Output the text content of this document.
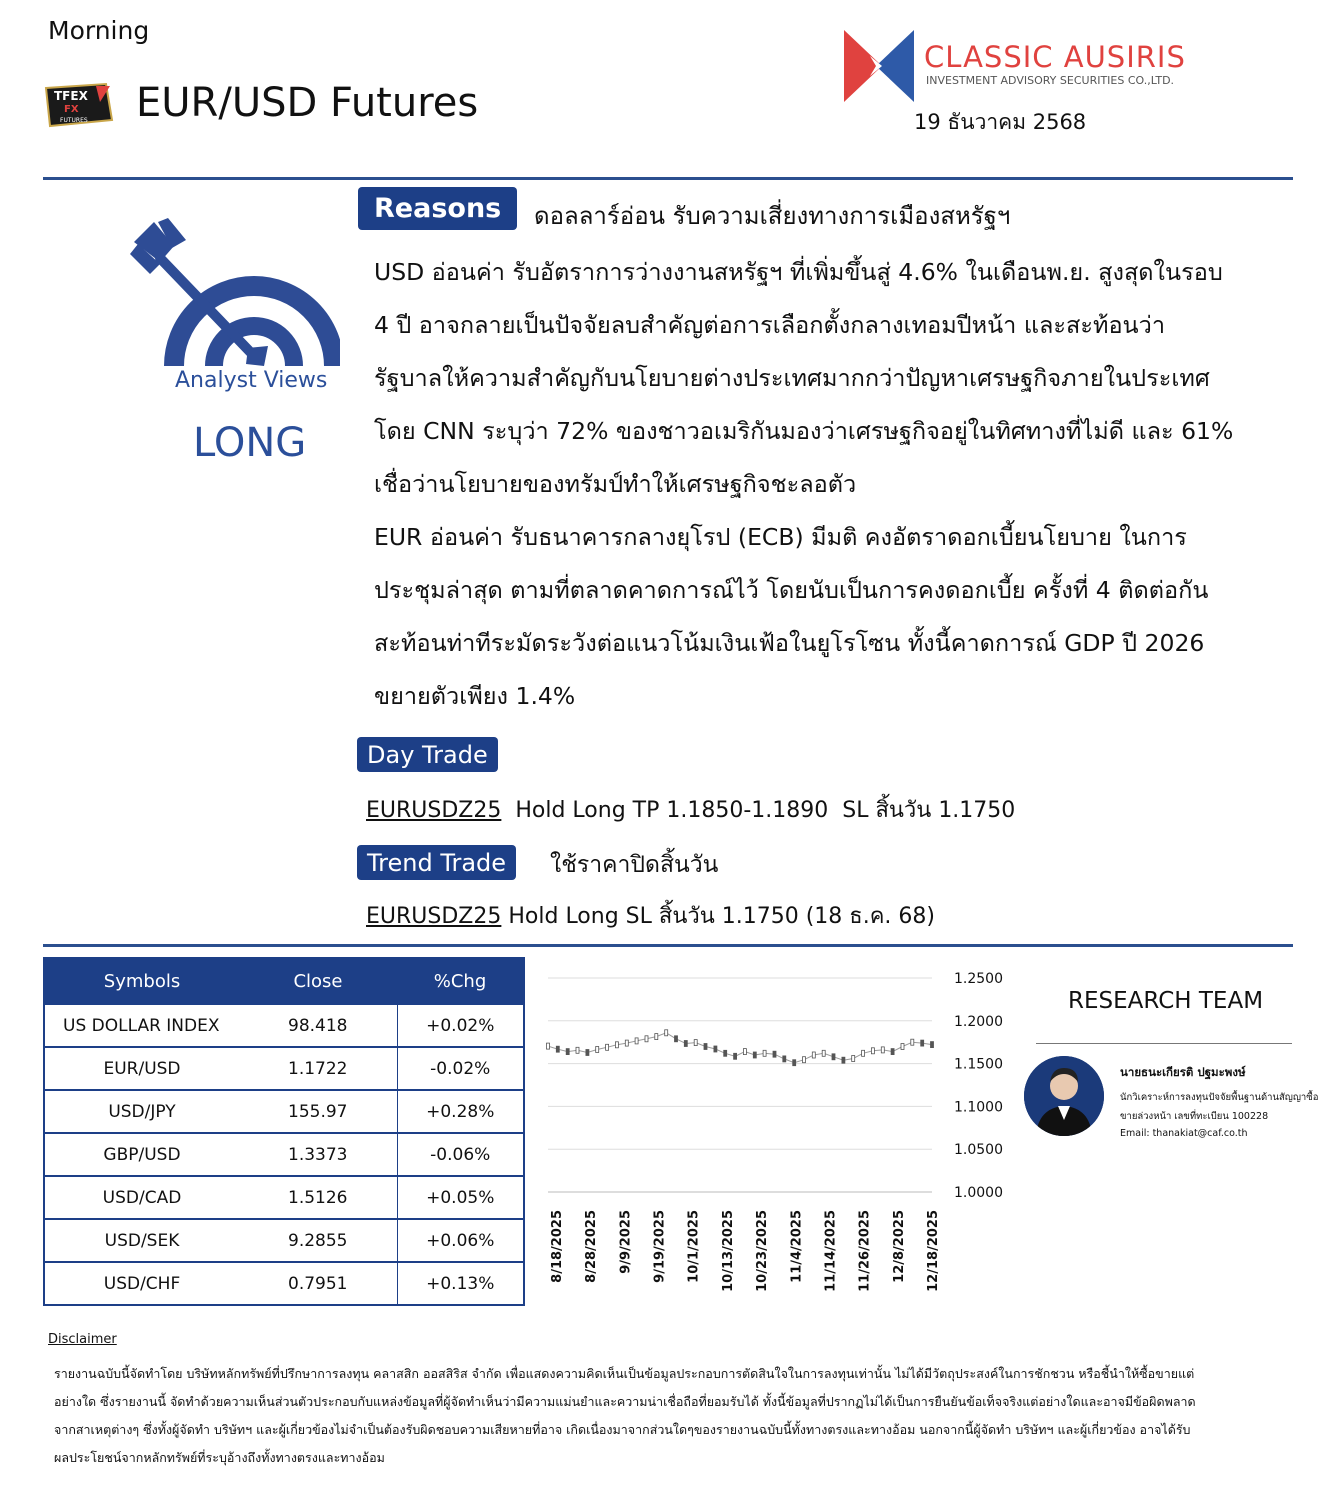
Morning
TFEX
FX
FUTURES EUR/USD Futures
CLASSIC AUSIRIS
INVESTMENT ADVISORY SECURITIES CO.,LTD.
19 ธันวาคม 2568
Analyst Views
LONG
Reasons	ดอลลาร์อ่อน รับความเสี่ยงทางการเมืองสหรัฐฯ
USD อ่อนค่า รับอัตราการว่างงานสหรัฐฯ ที่เพิ่มขึ้นสู่ 4.6% ในเดือนพ.ย. สูงสุดในรอบ
4 ปี อาจกลายเป็นปัจจัยลบสำคัญต่อการเลือกตั้งกลางเทอมปีหน้า และสะท้อนว่า
รัฐบาลให้ความสำคัญกับนโยบายต่างประเทศมากกว่าปัญหาเศรษฐกิจภายในประเทศ
โดย CNN ระบุว่า 72% ของชาวอเมริกันมองว่าเศรษฐกิจอยู่ในทิศทางที่ไม่ดี และ 61%
เชื่อว่านโยบายของทรัมป์ทำให้เศรษฐกิจชะลอตัว
EUR อ่อนค่า รับธนาคารกลางยุโรป (ECB) มีมติ คงอัตราดอกเบี้ยนโยบาย ในการ
ประชุมล่าสุด ตามที่ตลาดคาดการณ์ไว้ โดยนับเป็นการคงดอกเบี้ย ครั้งที่ 4 ติดต่อกัน
สะท้อนท่าทีระมัดระวังต่อแนวโน้มเงินเฟ้อในยูโรโซน ทั้งนี้คาดการณ์ GDP ปี 2026
ขยายตัวเพียง 1.4%
Day Trade
EURUSDZ25  Hold Long TP 1.1850-1.1890  SL สิ้นวัน 1.1750
Trend Trade	ใช้ราคาปิดสิ้นวัน
EURUSDZ25 Hold Long SL สิ้นวัน 1.1750 (18 ธ.ค. 68)
Symbols	Close	%Chg
US DOLLAR INDEX	98.418	+0.02%
EUR/USD	1.1722	-0.02%
USD/JPY	155.97	+0.28%
GBP/USD	1.3373	-0.06%
USD/CAD	1.5126	+0.05%
USD/SEK	9.2855	+0.06%
USD/CHF	0.7951	+0.13%
1.2500
1.2000
1.1500
1.1000
1.0500
1.0000
8/18/2025 8/28/2025 9/9/2025 9/19/2025 10/1/2025 10/13/2025 10/23/2025 11/4/2025 11/14/2025 11/26/2025 12/8/2025 12/18/2025
RESEARCH TEAM
นายธนะเกียรติ ปฐมะพงษ์
นักวิเคราะห์การลงทุนปัจจัยพื้นฐานด้านสัญญาซื้อ
ขายล่วงหน้า เลขที่ทะเบียน 100228
Email: thanakiat@caf.co.th
Disclaimer
รายงานฉบับนี้จัดทำโดย บริษัทหลักทรัพย์ที่ปรึกษาการลงทุน คลาสสิก ออสสิริส จำกัด เพื่อแสดงความคิดเห็นเป็นข้อมูลประกอบการตัดสินใจในการลงทุนเท่านั้น ไม่ได้มีวัตถุประสงค์ในการชักชวน หรือชี้นำให้ซื้อขายแต่
อย่างใด ซึ่งรายงานนี้ จัดทำด้วยความเห็นส่วนตัวประกอบกับแหล่งข้อมูลที่ผู้จัดทำเห็นว่ามีความแม่นยำและความน่าเชื่อถือที่ยอมรับได้ ทั้งนี้ข้อมูลที่ปรากฏไม่ได้เป็นการยืนยันข้อเท็จจริงแต่อย่างใดและอาจมีข้อผิดพลาด
จากสาเหตุต่างๆ ซึ่งทั้งผู้จัดทำ บริษัทฯ และผู้เกี่ยวข้องไม่จำเป็นต้องรับผิดชอบความเสียหายที่อาจ เกิดเนื่องมาจากส่วนใดๆของรายงานฉบับนี้ทั้งทางตรงและทางอ้อม นอกจากนี้ผู้จัดทำ บริษัทฯ และผู้เกี่ยวข้อง อาจได้รับ
ผลประโยชน์จากหลักทรัพย์ที่ระบุอ้างถึงทั้งทางตรงและทางอ้อม
